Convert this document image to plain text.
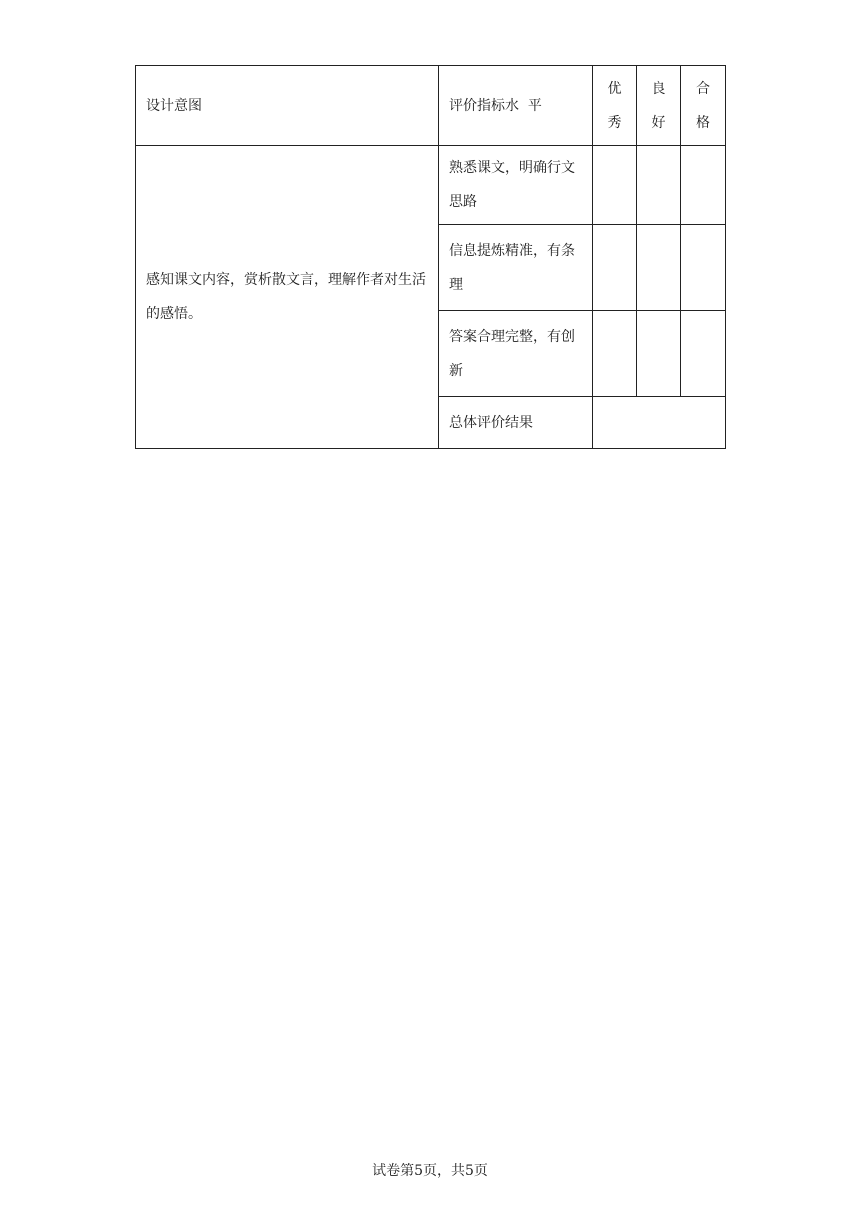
设计意图	评价指标水  平	优秀	良好	合格

感知课文内容，赏析散文言，理解作者对生活的感悟。	熟悉课文，明确行文思路			
	信息提炼精准，有条理			
	答案合理完整，有创新			
	总体评价结果			
试卷第5页，共5页
